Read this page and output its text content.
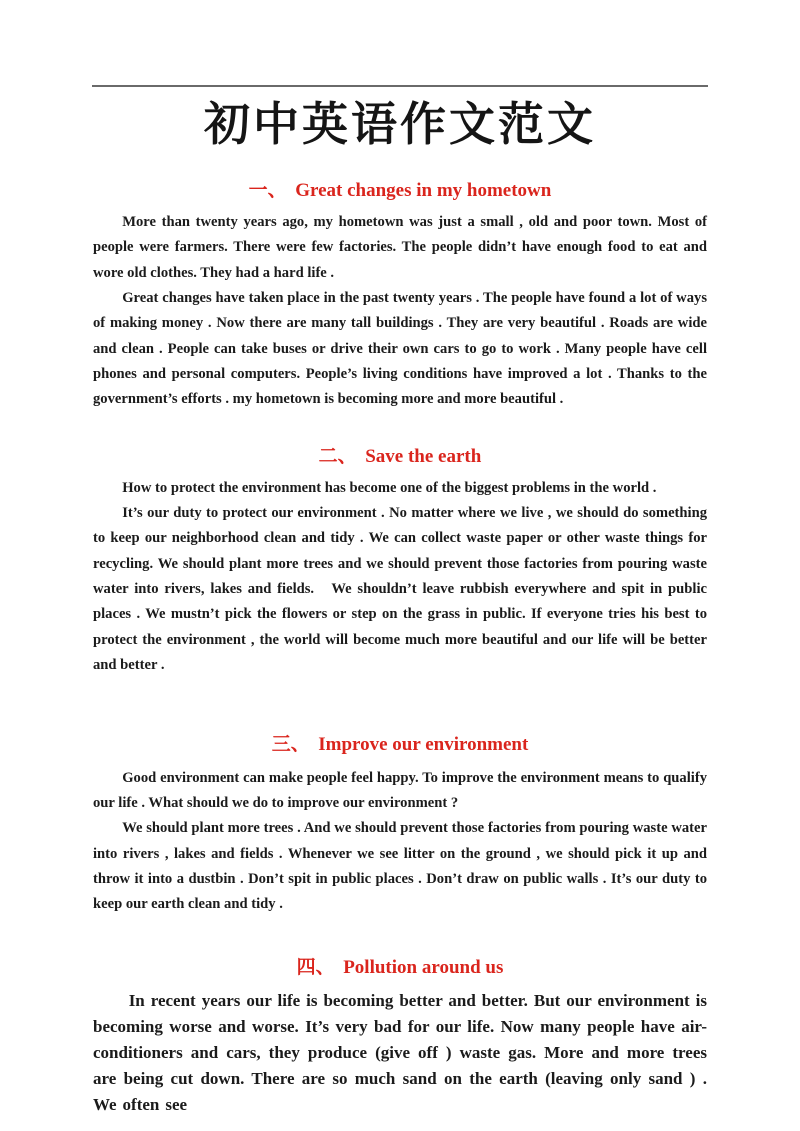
初中英语作文范文
一、 Great changes in my hometown

More than twenty years ago, my hometown was just a small , old and poor town. Most of people were farmers. There were few factories. The people didn’t have enough food to eat and wore old clothes. They had a hard life .

Great changes have taken place in the past twenty years . The people have found a lot of ways of making money . Now there are many tall buildings . They are very beautiful . Roads are wide and clean . People can take buses or drive their own cars to go to work . Many people have cell phones and personal computers. People’s living conditions have improved a lot . Thanks to the government’s efforts . my hometown is becoming more and more beautiful .

二、 Save the earth

How to protect the environment has become one of the biggest problems in the world .

It’s our duty to protect our environment . No matter where we live , we should do something to keep our neighborhood clean and tidy . We can collect waste paper or other waste things for recycling. We should plant more trees and we should prevent those factories from pouring waste water into rivers, lakes and fields.   We shouldn’t leave rubbish everywhere and spit in public places . We mustn’t pick the flowers or step on the grass in public. If everyone tries his best to protect the environment , the world will become much more beautiful and our life will be better and better .

三、 Improve our environment

Good environment can make people feel happy. To improve the environment means to qualify our life . What should we do to improve our environment ?

We should plant more trees . And we should prevent those factories from pouring waste water into rivers , lakes and fields . Whenever we see litter on the ground , we should pick it up and throw it into a dustbin . Don’t spit in public places . Don’t draw on public walls . It’s our duty to keep our earth clean and tidy .

四、 Pollution around us

In recent years our life is becoming better and better. But our environment is becoming worse and worse. It’s very bad for our life. Now many people have air-conditioners and cars, they produce (give off ) waste gas. More and more trees are being cut down. There are so much sand on the earth (leaving only sand ) . We often see
